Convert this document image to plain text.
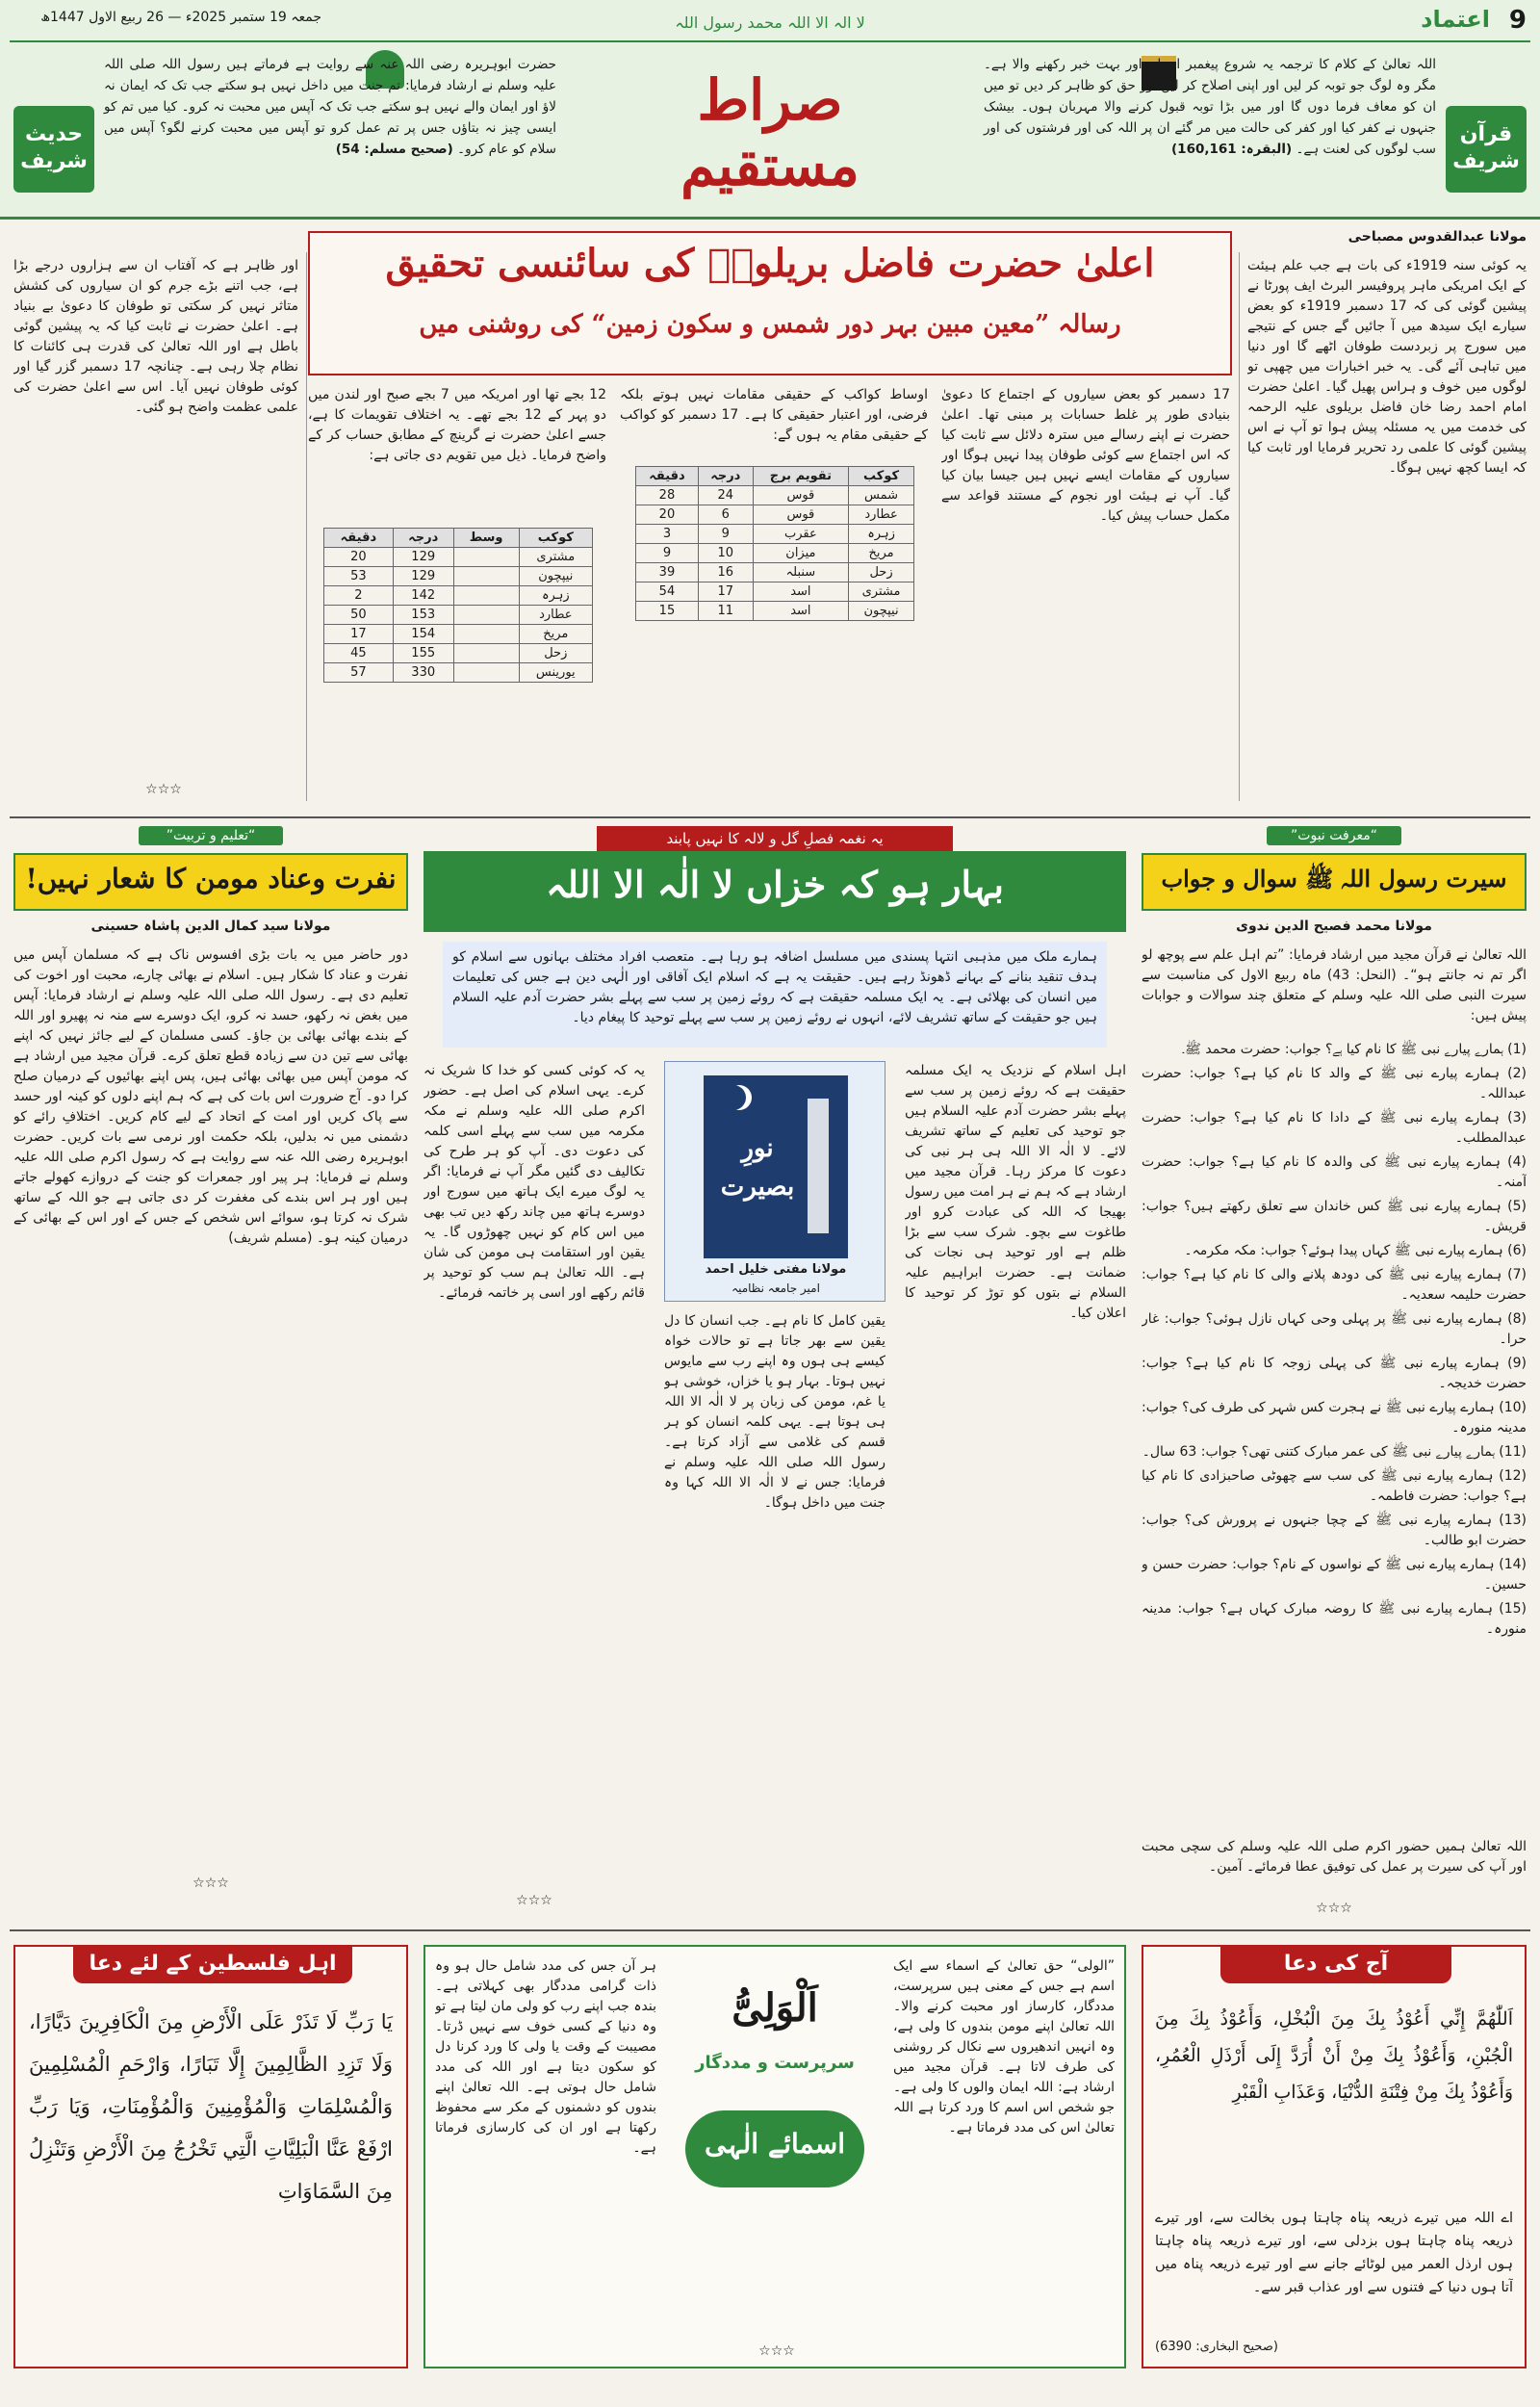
9
اعتماد
جمعہ 19 ستمبر 2025ء — 26 ربیع الاول 1447ھ	لا الہ الا اللہ محمد رسول اللہ
صراط مستقیم	قرآن شریف
اللہ تعالیٰ کے کلام کا ترجمہ یہ شروع پیغمبر انسان اور بہت خبر رکھنے والا ہے۔ مگر وہ لوگ جو توبہ کر لیں اور اپنی اصلاح کر لیں اور حق کو ظاہر کر دیں تو میں ان کو معاف فرما دوں گا اور میں بڑا توبہ قبول کرنے والا مہربان ہوں۔ بیشک جنہوں نے کفر کیا اور کفر کی حالت میں مر گئے ان پر اللہ کی اور فرشتوں کی اور سب لوگوں کی لعنت ہے۔ (البقرہ: 160,161)
حدیث شریف
حضرت ابوہریرہ رضی اللہ عنہ سے روایت ہے فرماتے ہیں رسول اللہ صلی اللہ علیہ وسلم نے ارشاد فرمایا: تم جنت میں داخل نہیں ہو سکتے جب تک کہ ایمان نہ لاؤ اور ایمان والے نہیں ہو سکتے جب تک کہ آپس میں محبت نہ کرو۔ کیا میں تم کو ایسی چیز نہ بتاؤں جس پر تم عمل کرو تو آپس میں محبت کرنے لگو؟ آپس میں سلام کو عام کرو۔ (صحیح مسلم: 54)
مولانا عبدالقدوس مصباحی
اعلیٰ حضرت فاضل بریلویؒ کی سائنسی تحقیق
رسالہ ”معین مبین بہر دور شمس و سکون زمین“ کی روشنی میں
یہ کوئی سنہ 1919ء کی بات ہے جب علم ہیئت کے ایک امریکی ماہر پروفیسر البرٹ ایف پورٹا نے پیشین گوئی کی کہ 17 دسمبر 1919ء کو بعض سیارے ایک سیدھ میں آ جائیں گے جس کے نتیجے میں سورج پر زبردست طوفان اٹھے گا اور دنیا میں تباہی آئے گی۔ یہ خبر اخبارات میں چھپی تو لوگوں میں خوف و ہراس پھیل گیا۔ اعلیٰ حضرت امام احمد رضا خان فاضل بریلوی علیہ الرحمہ کی خدمت میں یہ مسئلہ پیش ہوا تو آپ نے اس پیشین گوئی کا علمی رد تحریر فرمایا اور ثابت کیا کہ ایسا کچھ نہیں ہوگا۔
17 دسمبر کو بعض سیاروں کے اجتماع کا دعویٰ بنیادی طور پر غلط حسابات پر مبنی تھا۔ اعلیٰ حضرت نے اپنے رسالے میں سترہ دلائل سے ثابت کیا کہ اس اجتماع سے کوئی طوفان پیدا نہیں ہوگا اور سیاروں کے مقامات ایسے نہیں ہیں جیسا بیان کیا گیا۔ آپ نے ہیئت اور نجوم کے مستند قواعد سے مکمل حساب پیش کیا۔
اوساط کواکب کے حقیقی مقامات نہیں ہوتے بلکہ فرضی، اور اعتبار حقیقی کا ہے۔ 17 دسمبر کو کواکب کے حقیقی مقام یہ ہوں گے:
کوکب	تقویم برج	درجہ	دقیقہ
شمس	قوس	24	28
عطارد	قوس	6	20
زہرہ	عقرب	9	3
مریخ	میزان	10	9
زحل	سنبلہ	16	39
مشتری	اسد	17	54
نیپچون	اسد	11	15
12 بجے تھا اور امریکہ میں 7 بجے صبح اور لندن میں دو پہر کے 12 بجے تھے۔ یہ اختلاف تقویمات کا ہے، جسے اعلیٰ حضرت نے گرینچ کے مطابق حساب کر کے واضح فرمایا۔ ذیل میں تقویم دی جاتی ہے:
کوکب	وسط	درجہ	دقیقہ
مشتری		129	20
نیپچون		129	53
زہرہ		142	2
عطارد		153	50
مریخ		154	17
زحل		155	45
یورینس		330	57
اور ظاہر ہے کہ آفتاب ان سے ہزاروں درجے بڑا ہے، جب اتنے بڑے جرم کو ان سیاروں کی کشش متاثر نہیں کر سکتی تو طوفان کا دعویٰ بے بنیاد ہے۔ اعلیٰ حضرت نے ثابت کیا کہ یہ پیشین گوئی باطل ہے اور اللہ تعالیٰ کی قدرت ہی کائنات کا نظام چلا رہی ہے۔ چنانچہ 17 دسمبر گزر گیا اور کوئی طوفان نہیں آیا۔ اس سے اعلیٰ حضرت کی علمی عظمت واضح ہو گئی۔
☆☆☆
”تعلیم و تربیت“
نفرت وعناد مومن کا شعار نہیں!
مولانا سید کمال الدین پاشاہ حسینی
دور حاضر میں یہ بات بڑی افسوس ناک ہے کہ مسلمان آپس میں نفرت و عناد کا شکار ہیں۔ اسلام نے بھائی چارے، محبت اور اخوت کی تعلیم دی ہے۔ رسول اللہ صلی اللہ علیہ وسلم نے ارشاد فرمایا: آپس میں بغض نہ رکھو، حسد نہ کرو، ایک دوسرے سے منہ نہ پھیرو اور اللہ کے بندے بھائی بھائی بن جاؤ۔ کسی مسلمان کے لیے جائز نہیں کہ اپنے بھائی سے تین دن سے زیادہ قطع تعلق کرے۔ قرآن مجید میں ارشاد ہے کہ مومن آپس میں بھائی بھائی ہیں، پس اپنے بھائیوں کے درمیان صلح کرا دو۔ آج ضرورت اس بات کی ہے کہ ہم اپنے دلوں کو کینہ اور حسد سے پاک کریں اور امت کے اتحاد کے لیے کام کریں۔ اختلافِ رائے کو دشمنی میں نہ بدلیں، بلکہ حکمت اور نرمی سے بات کریں۔ حضرت ابوہریرہ رضی اللہ عنہ سے روایت ہے کہ رسول اکرم صلی اللہ علیہ وسلم نے فرمایا: ہر پیر اور جمعرات کو جنت کے دروازے کھولے جاتے ہیں اور ہر اس بندے کی مغفرت کر دی جاتی ہے جو اللہ کے ساتھ شرک نہ کرتا ہو، سوائے اس شخص کے جس کے اور اس کے بھائی کے درمیان کینہ ہو۔ (مسلم شریف)
☆☆☆
یہ نغمہ فصلِ گل و لالہ کا نہیں پابند
بہار ہو کہ خزاں لا الٰہ الا اللہ
ہمارے ملک میں مذہبی انتہا پسندی میں مسلسل اضافہ ہو رہا ہے۔ متعصب افراد مختلف بہانوں سے اسلام کو ہدف تنقید بنانے کے بہانے ڈھونڈ رہے ہیں۔ حقیقت یہ ہے کہ اسلام ایک آفاقی اور الٰہی دین ہے جس کی تعلیمات میں انسان کی بھلائی ہے۔ یہ ایک مسلمہ حقیقت ہے کہ روئے زمین پر سب سے پہلے بشر حضرت آدم علیہ السلام ہیں جو حقیقت کے ساتھ تشریف لائے، انہوں نے روئے زمین پر سب سے پہلے توحید کا پیغام دیا۔
نورِ بصیرت
مولانا مفتی خلیل احمد
امیر جامعہ نظامیہ
اہل اسلام کے نزدیک یہ ایک مسلمہ حقیقت ہے کہ روئے زمین پر سب سے پہلے بشر حضرت آدم علیہ السلام ہیں جو توحید کی تعلیم کے ساتھ تشریف لائے۔ لا الٰہ الا اللہ ہی ہر نبی کی دعوت کا مرکز رہا۔ قرآن مجید میں ارشاد ہے کہ ہم نے ہر امت میں رسول بھیجا کہ اللہ کی عبادت کرو اور طاغوت سے بچو۔ شرک سب سے بڑا ظلم ہے اور توحید ہی نجات کی ضمانت ہے۔ حضرت ابراہیم علیہ السلام نے بتوں کو توڑ کر توحید کا اعلان کیا۔
یقین کامل کا نام ہے۔ جب انسان کا دل یقین سے بھر جاتا ہے تو حالات خواہ کیسے ہی ہوں وہ اپنے رب سے مایوس نہیں ہوتا۔ بہار ہو یا خزاں، خوشی ہو یا غم، مومن کی زبان پر لا الٰہ الا اللہ ہی ہوتا ہے۔ یہی کلمہ انسان کو ہر قسم کی غلامی سے آزاد کرتا ہے۔ رسول اللہ صلی اللہ علیہ وسلم نے فرمایا: جس نے لا الٰہ الا اللہ کہا وہ جنت میں داخل ہوگا۔
یہ کہ کوئی کسی کو خدا کا شریک نہ کرے۔ یہی اسلام کی اصل ہے۔ حضور اکرم صلی اللہ علیہ وسلم نے مکہ مکرمہ میں سب سے پہلے اسی کلمہ کی دعوت دی۔ آپ کو ہر طرح کی تکالیف دی گئیں مگر آپ نے فرمایا: اگر یہ لوگ میرے ایک ہاتھ میں سورج اور دوسرے ہاتھ میں چاند رکھ دیں تب بھی میں اس کام کو نہیں چھوڑوں گا۔ یہ یقین اور استقامت ہی مومن کی شان ہے۔ اللہ تعالیٰ ہم سب کو توحید پر قائم رکھے اور اسی پر خاتمہ فرمائے۔
☆☆☆
”معرفت نبوت“
سیرت رسول اللہ ﷺ سوال و جواب
مولانا محمد فصیح الدین ندوی
اللہ تعالیٰ نے قرآن مجید میں ارشاد فرمایا: ”تم اہل علم سے پوچھ لو اگر تم نہ جانتے ہو“۔ (النحل: 43) ماہ ربیع الاول کی مناسبت سے سیرت النبی صلی اللہ علیہ وسلم کے متعلق چند سوالات و جوابات پیش ہیں:

(1) ہمارے پیارے نبی ﷺ کا نام کیا ہے؟ جواب: حضرت محمد ﷺ۔

(2) ہمارے پیارے نبی ﷺ کے والد کا نام کیا ہے؟ جواب: حضرت عبداللہ۔

(3) ہمارے پیارے نبی ﷺ کے دادا کا نام کیا ہے؟ جواب: حضرت عبدالمطلب۔

(4) ہمارے پیارے نبی ﷺ کی والدہ کا نام کیا ہے؟ جواب: حضرت آمنہ۔

(5) ہمارے پیارے نبی ﷺ کس خاندان سے تعلق رکھتے ہیں؟ جواب: قریش۔

(6) ہمارے پیارے نبی ﷺ کہاں پیدا ہوئے؟ جواب: مکہ مکرمہ۔

(7) ہمارے پیارے نبی ﷺ کی دودھ پلانے والی کا نام کیا ہے؟ جواب: حضرت حلیمہ سعدیہ۔

(8) ہمارے پیارے نبی ﷺ پر پہلی وحی کہاں نازل ہوئی؟ جواب: غار حرا۔

(9) ہمارے پیارے نبی ﷺ کی پہلی زوجہ کا نام کیا ہے؟ جواب: حضرت خدیجہ۔

(10) ہمارے پیارے نبی ﷺ نے ہجرت کس شہر کی طرف کی؟ جواب: مدینہ منورہ۔

(11) ہمارے پیارے نبی ﷺ کی عمر مبارک کتنی تھی؟ جواب: 63 سال۔

(12) ہمارے پیارے نبی ﷺ کی سب سے چھوٹی صاحبزادی کا نام کیا ہے؟ جواب: حضرت فاطمہ۔

(13) ہمارے پیارے نبی ﷺ کے چچا جنہوں نے پرورش کی؟ جواب: حضرت ابو طالب۔

(14) ہمارے پیارے نبی ﷺ کے نواسوں کے نام؟ جواب: حضرت حسن و حسین۔

(15) ہمارے پیارے نبی ﷺ کا روضہ مبارک کہاں ہے؟ جواب: مدینہ منورہ۔

اللہ تعالیٰ ہمیں حضور اکرم صلی اللہ علیہ وسلم کی سچی محبت اور آپ کی سیرت پر عمل کی توفیق عطا فرمائے۔ آمین۔
☆☆☆
اہل فلسطین کے لئے دعا
يَا رَبِّ لَا تَذَرْ عَلَى الْأَرْضِ مِنَ الْكَافِرِينَ دَيَّارًا، وَلَا تَزِدِ الظَّالِمِينَ إِلَّا تَبَارًا، وَارْحَمِ الْمُسْلِمِينَ وَالْمُسْلِمَاتِ وَالْمُؤْمِنِينَ وَالْمُؤْمِنَاتِ، وَيَا رَبِّ ارْفَعْ عَنَّا الْبَلِيَّاتِ الَّتِي تَخْرُجُ مِنَ الْأَرْضِ وَتَنْزِلُ مِنَ السَّمَاوَاتِ
”الولی“ حق تعالیٰ کے اسماء سے ایک اسم ہے جس کے معنی ہیں سرپرست، مددگار، کارساز اور محبت کرنے والا۔ اللہ تعالیٰ اپنے مومن بندوں کا ولی ہے، وہ انہیں اندھیروں سے نکال کر روشنی کی طرف لاتا ہے۔ قرآن مجید میں ارشاد ہے: اللہ ایمان والوں کا ولی ہے۔ جو شخص اس اسم کا ورد کرتا ہے اللہ تعالیٰ اس کی مدد فرماتا ہے۔
اَلْوَلِیُّ
سرپرست و مددگار
اسمائے الٰہی
ہر آن جس کی مدد شامل حال ہو وہ ذات گرامی مددگار بھی کہلاتی ہے۔ بندہ جب اپنے رب کو ولی مان لیتا ہے تو وہ دنیا کے کسی خوف سے نہیں ڈرتا۔ مصیبت کے وقت یا ولی کا ورد کرنا دل کو سکون دیتا ہے اور اللہ کی مدد شامل حال ہوتی ہے۔ اللہ تعالیٰ اپنے بندوں کو دشمنوں کے مکر سے محفوظ رکھتا ہے اور ان کی کارسازی فرماتا ہے۔
☆☆☆
آج کی دعا
اَللّٰهُمَّ إِنِّي أَعُوْذُ بِكَ مِنَ الْبُخْلِ، وَأَعُوْذُ بِكَ مِنَ الْجُبْنِ، وَأَعُوْذُ بِكَ مِنْ أَنْ أُرَدَّ إِلَى أَرْذَلِ الْعُمُرِ، وَأَعُوْذُ بِكَ مِنْ فِتْنَةِ الدُّنْيَا، وَعَذَابِ الْقَبْرِ
اے اللہ میں تیرے ذریعہ پناہ چاہتا ہوں بخالت سے، اور تیرے ذریعہ پناہ چاہتا ہوں بزدلی سے، اور تیرے ذریعہ پناہ چاہتا ہوں ارذل العمر میں لوٹائے جانے سے اور تیرے ذریعہ پناہ میں آتا ہوں دنیا کے فتنوں سے اور عذاب قبر سے۔
(صحیح البخاری: 6390)
